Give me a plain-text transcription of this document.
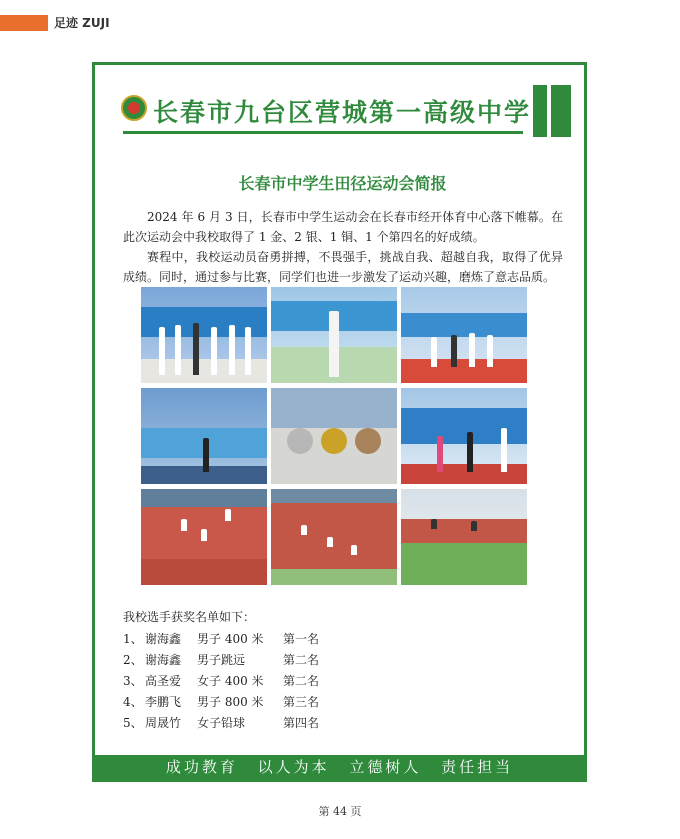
足迹 ZUJI
长春市九台区营城第一高级中学
长春市中学生田径运动会简报

2024 年 6 月 3 日，长春市中学生运动会在长春市经开体育中心落下帷幕。在此次运动会中我校取得了 1 金、2 银、1 铜、1 个第四名的好成绩。

赛程中，我校运动员奋勇拼搏，不畏强手，挑战自我、超越自我，取得了优异成绩。同时，通过参与比赛，同学们也进一步激发了运动兴趣，磨炼了意志品质。

我校选手获奖名单如下：
1、 谢海鑫 男子 400 米 第一名
2、 谢海鑫 男子跳远	第二名
3、 高圣爱 女子 400 米 第二名
4、 李鹏飞 男子 800 米 第三名
5、 周晟竹 女子铅球	第四名
成功教育 以人为本 立德树人 责任担当
第 44 页
